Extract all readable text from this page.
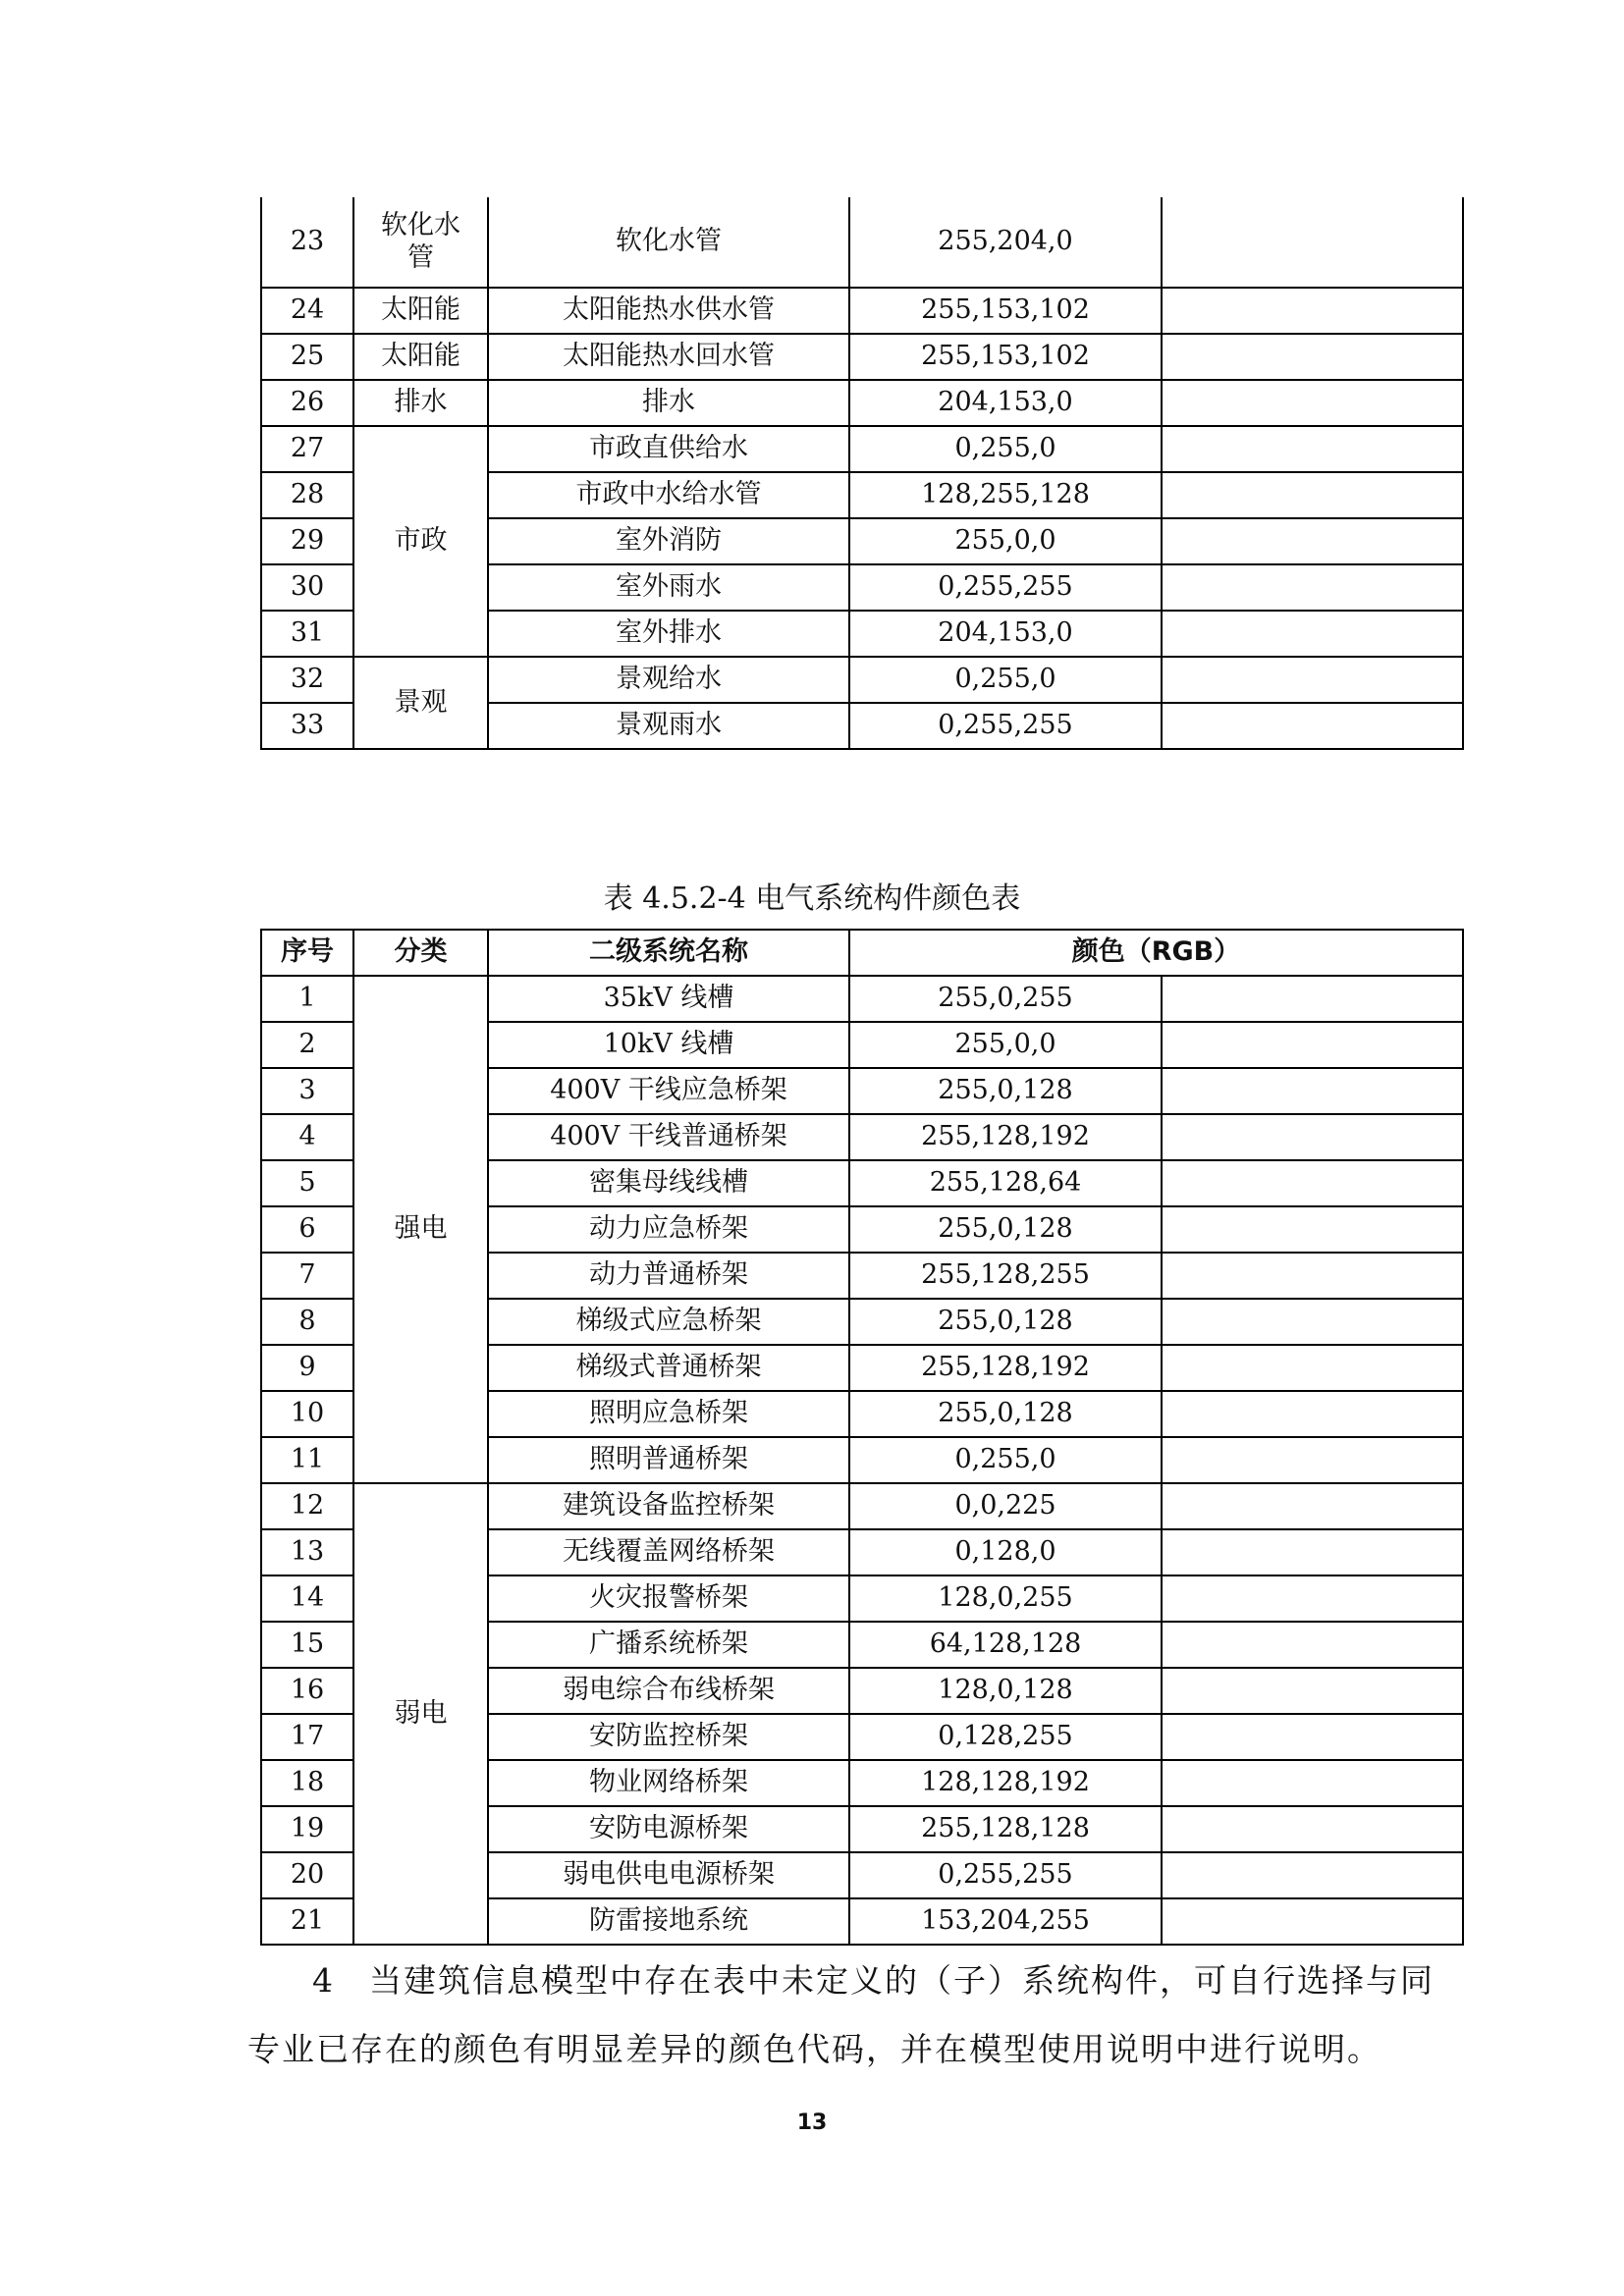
23	软化水管	软化水管	255,204,0	

24	太阳能	太阳能热水供水管	255,153,102	

25	太阳能	太阳能热水回水管	255,153,102	

26	排水	排水	204,153,0	

27	市政	市政直供给水	0,255,0	

28		市政中水给水管	128,255,128	

29		室外消防	255,0,0	

30		室外雨水	0,255,255	

31		室外排水	204,153,0	

32	景观	景观给水	0,255,0	

33		景观雨水	0,255,255	
表 4.5.2-4 电气系统构件颜色表
序号	分类	二级系统名称	颜色（RGB）	
1	强电	35kV 线槽	255,0,255	

2		10kV 线槽	255,0,0	

3		400V 干线应急桥架	255,0,128	

4		400V 干线普通桥架	255,128,192	

5		密集母线线槽	255,128,64	

6		动力应急桥架	255,0,128	

7		动力普通桥架	255,128,255	

8		梯级式应急桥架	255,0,128	

9		梯级式普通桥架	255,128,192	

10		照明应急桥架	255,0,128	

11		照明普通桥架	0,255,0	

12	弱电	建筑设备监控桥架	0,0,225	

13		无线覆盖网络桥架	0,128,0	

14		火灾报警桥架	128,0,255	

15		广播系统桥架	64,128,128	

16		弱电综合布线桥架	128,0,128	

17		安防监控桥架	0,128,255	

18		物业网络桥架	128,128,192	

19		安防电源桥架	255,128,128	

20		弱电供电电源桥架	0,255,255	

21		防雷接地系统	153,204,255	
4　当建筑信息模型中存在表中未定义的（子）系统构件，可自行选择与同
专业已存在的颜色有明显差异的颜色代码，并在模型使用说明中进行说明。
13
